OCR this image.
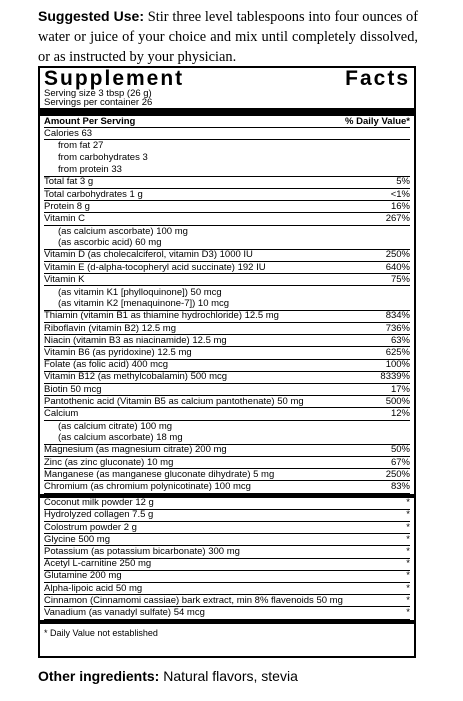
Suggested Use: Stir three level tablespoons into four ounces of water or juice of your choice and mix until completely dissolved, or as instructed by your physician.
Supplement Facts
Serving size 3 tbsp (26 g)
Servings per container 26
Amount Per Serving	% Daily Value*
Calories 63
from fat 27
from carbohydrates 3
from protein 33
Total fat 3 g	5%
Total carbohydrates 1 g	<1%
Protein 8 g	16%
Vitamin C	267%
(as calcium ascorbate) 100 mg
(as ascorbic acid) 60 mg
Vitamin D (as cholecalciferol, vitamin D3) 1000 IU	250%
Vitamin E (d-alpha-tocopheryl acid succinate) 192 IU	640%
Vitamin K	75%
(as vitamin K1 [phylloquinone]) 50 mcg
(as vitamin K2 [menaquinone-7]) 10 mcg
Thiamin (vitamin B1 as thiamine hydrochloride) 12.5 mg	834%
Riboflavin (vitamin B2) 12.5 mg	736%
Niacin (vitamin B3 as niacinamide) 12.5 mg	63%
Vitamin B6 (as pyridoxine) 12.5 mg	625%
Folate (as folic acid) 400 mcg	100%
Vitamin B12 (as methylcobalamin) 500 mcg	8339%
Biotin 50 mcg	17%
Pantothenic acid (Vitamin B5 as calcium pantothenate) 50 mg	500%
Calcium	12%
(as calcium citrate) 100 mg
(as calcium ascorbate) 18 mg
Magnesium (as magnesium citrate) 200 mg	50%
Zinc (as zinc gluconate) 10 mg	67%
Manganese (as manganese gluconate dihydrate) 5 mg	250%
Chromium (as chromium polynicotinate) 100 mcg	83%
Coconut milk powder 12 g	*
Hydrolyzed collagen 7.5 g	*
Colostrum powder 2 g	*
Glycine 500 mg	*
Potassium (as potassium bicarbonate) 300 mg	*
Acetyl L-carnitine 250 mg	*
Glutamine 200 mg	*
Alpha-lipoic acid 50 mg	*
Cinnamon (Cinnamomi cassiae) bark extract, min 8% flavenoids 50 mg	*
Vanadium (as vanadyl sulfate) 54 mcg	*
* Daily Value not established
Other ingredients: Natural flavors, stevia
